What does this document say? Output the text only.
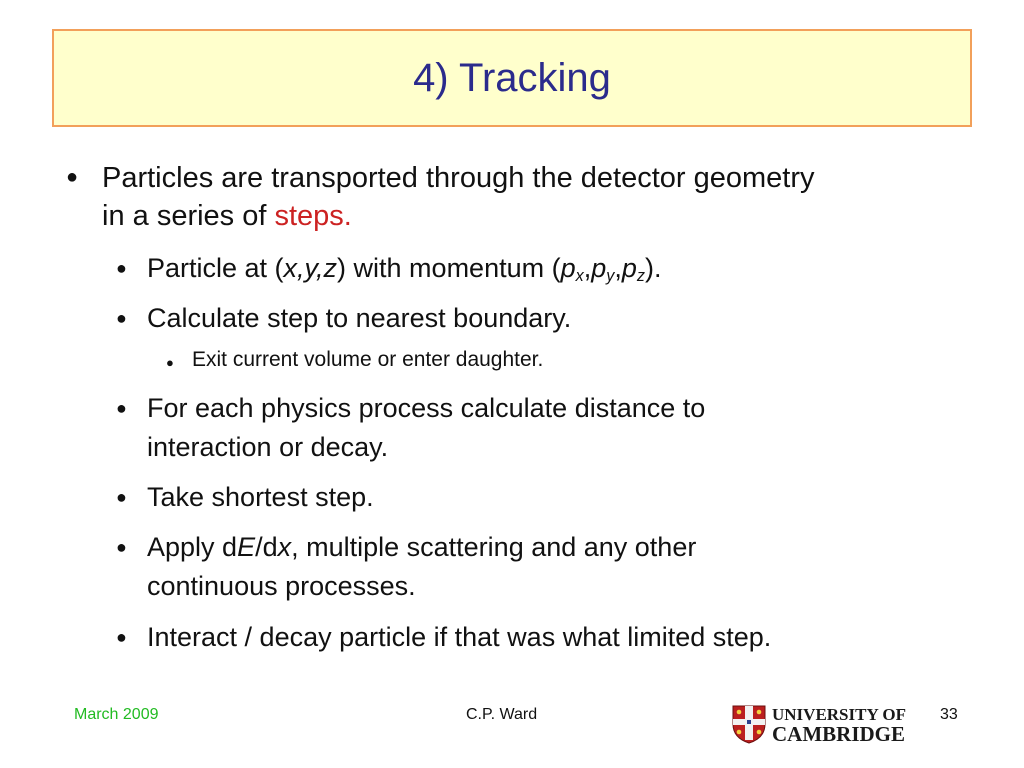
4) Tracking
● Particles are transported through the detector geometry
in a series of steps.
● Particle at (x,y,z) with momentum $(p_x,p_y,p_z)$.
● Calculate step to nearest boundary.
● Exit current volume or enter daughter.
● For each physics process calculate distance to
interaction or decay.
● Take shortest step.
● Apply dE/dx, multiple scattering and any other
continuous processes.
● Interact / decay particle if that was what limited step.
March 2009	C.P. Ward	UNIVERSITY OF
CAMBRIDGE
33
